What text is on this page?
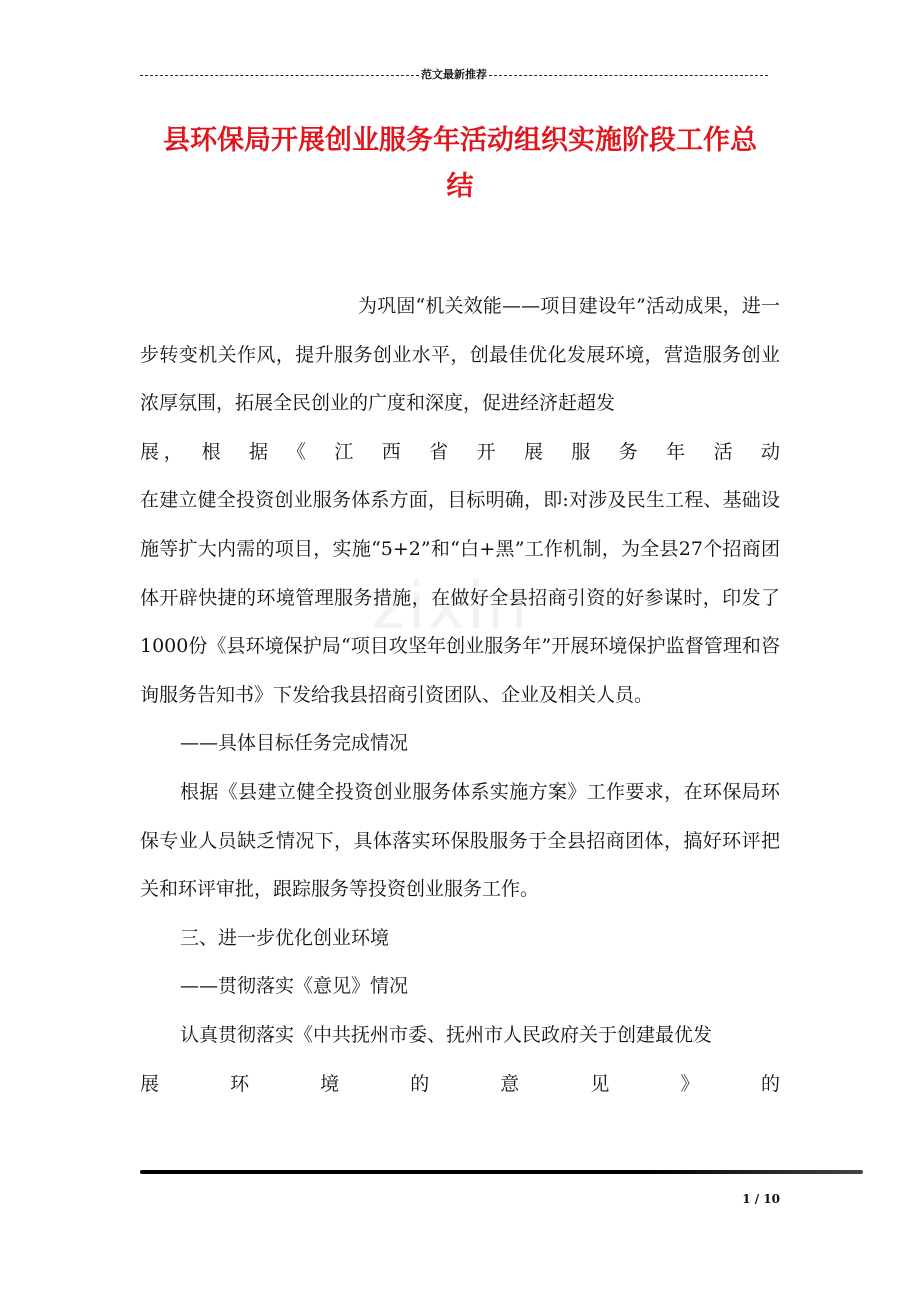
范文最新推荐
县环保局开展创业服务年活动组织实施阶段工作总
结
zixin

为巩固“机关效能——项目建设年”活动成果，进一步转变机关作风，提升服务创业水平，创最佳优化发展环境，营造服务创业浓厚氛围，拓展全民创业的广度和深度，促进经济赶超发

展，　根　据　《　江　西　省　开　展　服　务　年　活　动

在建立健全投资创业服务体系方面，目标明确，即:对涉及民生工程、基础设施等扩大内需的项目，实施“5+2”和“白+黑”工作机制，为全县27个招商团体开辟快捷的环境管理服务措施，在做好全县招商引资的好参谋时，印发了1000份《县环境保护局“项目攻坚年创业服务年”开展环境保护监督管理和咨询服务告知书》下发给我县招商引资团队、企业及相关人员。

——具体目标任务完成情况

根据《县建立健全投资创业服务体系实施方案》工作要求，在环保局环保专业人员缺乏情况下，具体落实环保股服务于全县招商团体，搞好环评把关和环评审批，跟踪服务等投资创业服务工作。

三、进一步优化创业环境

——贯彻落实《意见》情况

认真贯彻落实《中共抚州市委、抚州市人民政府关于创建最优发

展　环　境　的　意　见　》　的

1 / 10
